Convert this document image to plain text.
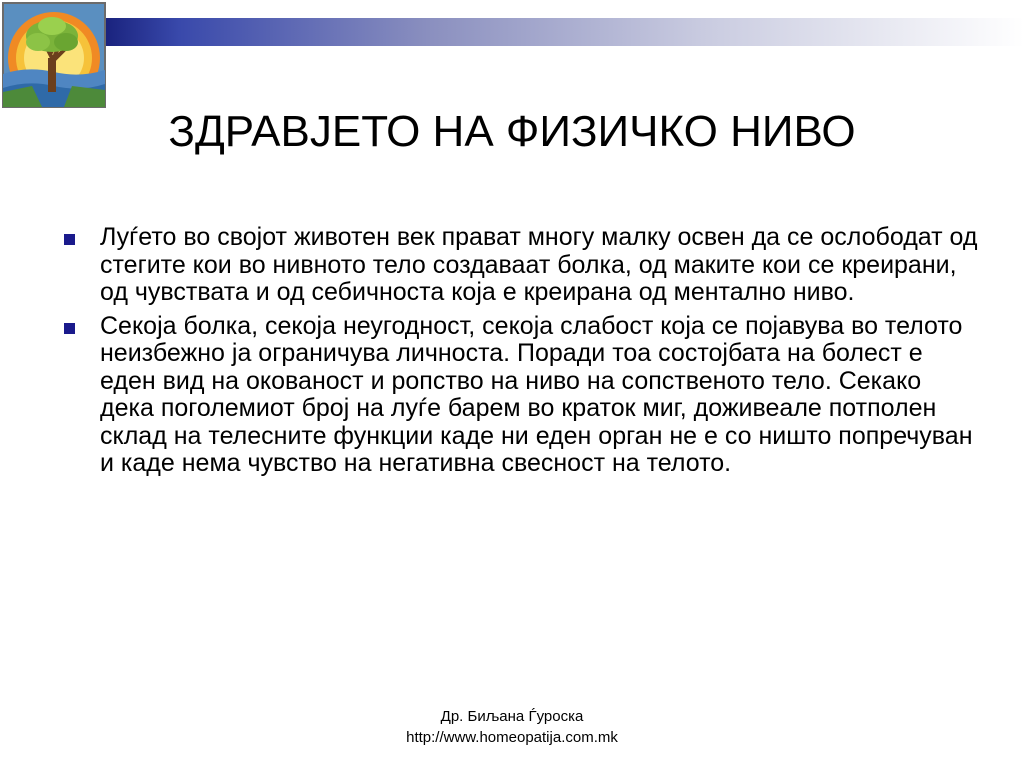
ЗДРАВЈЕТО НА ФИЗИЧКО НИВО
Луѓето во својот животен век прават многу малку освен да се ослободат од стегите кои во нивното тело создаваат болка, од макитe кои се креирани, од чувствата и од себичноста која е креирана од ментално ниво.
Секоја болка, секоја неугодност, секоја слабост која се појавува во телото неизбежно ја ограничува личноста. Поради тоа состојбата на болест е еден вид на окованост и ропство на ниво на сопственото тело. Секако дека поголемиот број на луѓе барем во краток миг, доживеале потполен склад на телесните функции каде ни еден орган не е со ништо попречуван и каде нема чувство на негативна свесност на телото.
Др. Биљана Ѓуроска
http://www.homeopatija.com.mk
